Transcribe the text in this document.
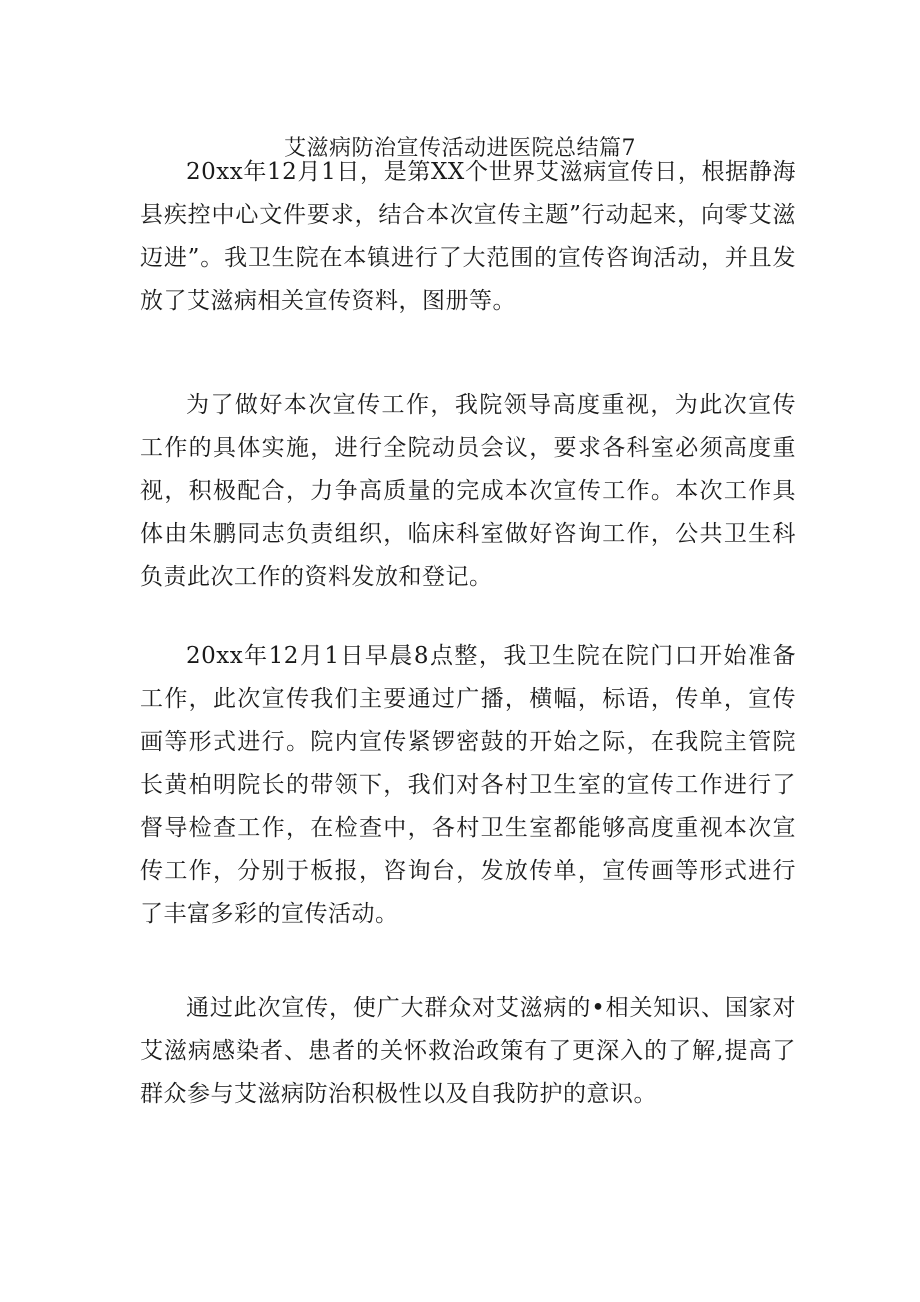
艾滋病防治宣传活动进医院总结篇7

20xx年12月1日，是第XX个世界艾滋病宣传日，根据静海县疾控中心文件要求，结合本次宣传主题”行动起来，向零艾滋迈进”。我卫生院在本镇进行了大范围的宣传咨询活动，并且发放了艾滋病相关宣传资料，图册等。

为了做好本次宣传工作，我院领导高度重视，为此次宣传工作的具体实施，进行全院动员会议，要求各科室必须高度重视，积极配合，力争高质量的完成本次宣传工作。本次工作具体由朱鹏同志负责组织，临床科室做好咨询工作，公共卫生科负责此次工作的资料发放和登记。

20xx年12月1日早晨8点整，我卫生院在院门口开始准备工作，此次宣传我们主要通过广播，横幅，标语，传单，宣传画等形式进行。院内宣传紧锣密鼓的开始之际，在我院主管院长黄柏明院长的带领下，我们对各村卫生室的宣传工作进行了督导检查工作，在检查中，各村卫生室都能够高度重视本次宣传工作，分别于板报，咨询台，发放传单，宣传画等形式进行了丰富多彩的宣传活动。

通过此次宣传，使广大群众对艾滋病的•相关知识、国家对艾滋病感染者、患者的关怀救治政策有了更深入的了解,提高了群众参与艾滋病防治积极性以及自我防护的意识。
